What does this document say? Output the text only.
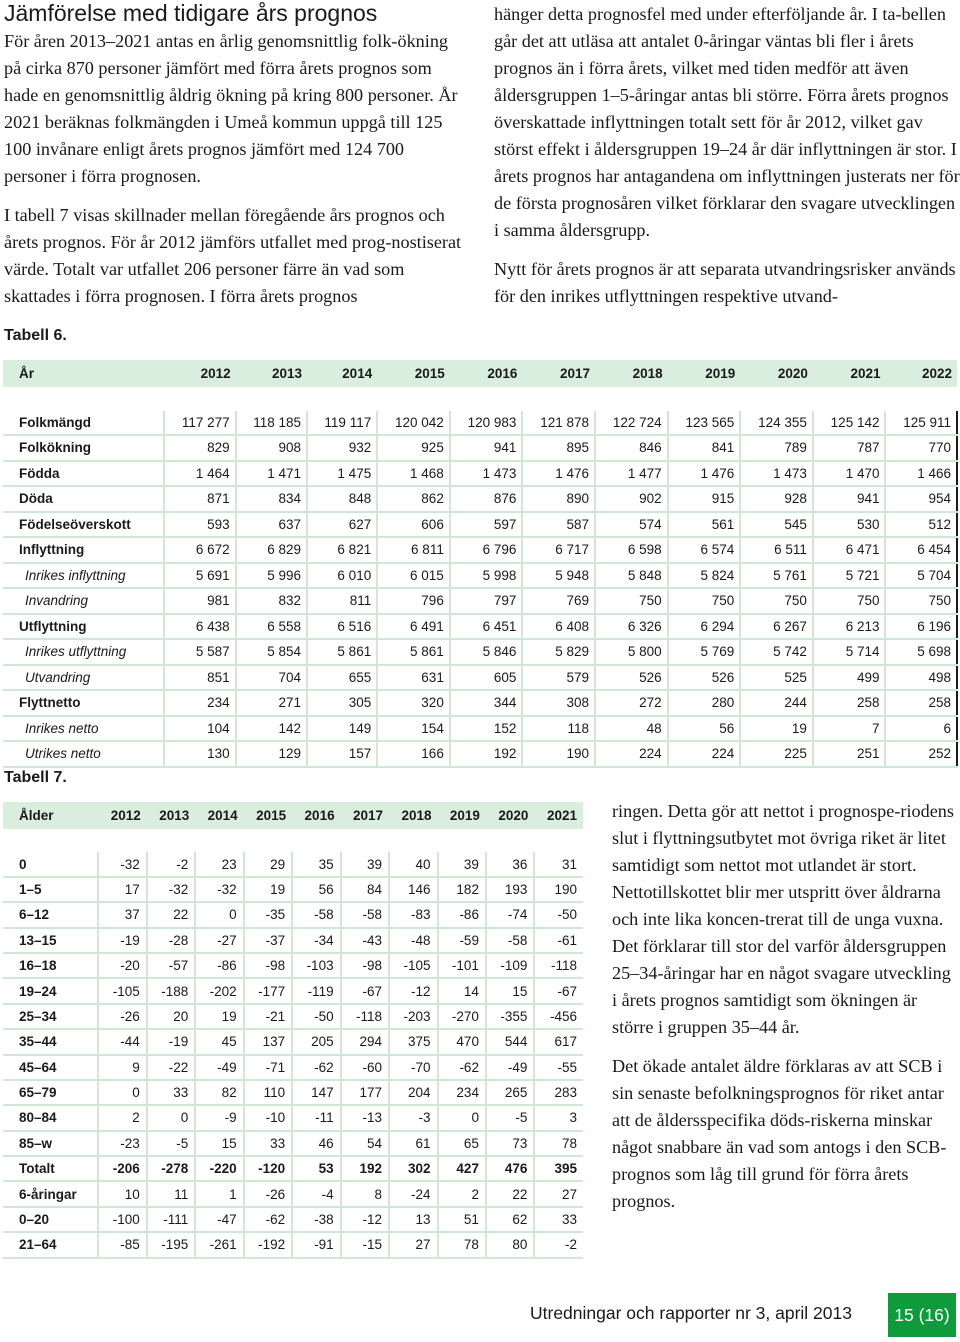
Jämförelse med tidigare års prognos

För åren 2013–2021 antas en årlig genomsnittlig folk-ökning på cirka 870 personer jämfört med förra årets prognos som hade en genomsnittlig åldrig ökning på kring 800 personer. År 2021 beräknas folkmängden i Umeå kommun uppgå till 125 100 invånare enligt årets prognos jämfört med 124 700 personer i förra prognosen.

I tabell 7 visas skillnader mellan föregående års prognos och årets prognos. För år 2012 jämförs utfallet med prog-nostiserat värde. Totalt var utfallet 206 personer färre än vad som skattades i förra prognosen. I förra årets prognos

hänger detta prognosfel med under efterföljande år. I ta-bellen går det att utläsa att antalet 0-åringar väntas bli fler i årets prognos än i förra årets, vilket med tiden medför att även åldersgruppen 1–5-åringar antas bli större. Förra årets prognos överskattade inflyttningen totalt sett för år 2012, vilket gav störst effekt i åldersgruppen 19–24 år där inflyttningen är stor. I årets prognos har antagandena om inflyttningen justerats ner för de första prognosåren vilket förklarar den svagare utvecklingen i samma åldersgrupp.

Nytt för årets prognos är att separata utvandringsrisker används för den inrikes utflyttningen respektive utvand-

Tabell 6.
År	2012	2013	2014	2015	2016	2017	2018	2019	2020	2021	2022

Folkmängd	117 277	118 185	119 117	120 042	120 983	121 878	122 724	123 565	124 355	125 142	125 911
Folkökning	829	908	932	925	941	895	846	841	789	787	770
Födda	1 464	1 471	1 475	1 468	1 473	1 476	1 477	1 476	1 473	1 470	1 466
Döda	871	834	848	862	876	890	902	915	928	941	954
Födelseöverskott	593	637	627	606	597	587	574	561	545	530	512
Inflyttning	6 672	6 829	6 821	6 811	6 796	6 717	6 598	6 574	6 511	6 471	6 454
Inrikes inflyttning	5 691	5 996	6 010	6 015	5 998	5 948	5 848	5 824	5 761	5 721	5 704
Invandring	981	832	811	796	797	769	750	750	750	750	750
Utflyttning	6 438	6 558	6 516	6 491	6 451	6 408	6 326	6 294	6 267	6 213	6 196
Inrikes utflyttning	5 587	5 854	5 861	5 861	5 846	5 829	5 800	5 769	5 742	5 714	5 698
Utvandring	851	704	655	631	605	579	526	526	525	499	498
Flyttnetto	234	271	305	320	344	308	272	280	244	258	258
Inrikes netto	104	142	149	154	152	118	48	56	19	7	6
Utrikes netto	130	129	157	166	192	190	224	224	225	251	252
Tabell 7.
Ålder	2012	2013	2014	2015	2016	2017	2018	2019	2020	2021

0	-32	-2	23	29	35	39	40	39	36	31
1–5	17	-32	-32	19	56	84	146	182	193	190
6–12	37	22	0	-35	-58	-58	-83	-86	-74	-50
13–15	-19	-28	-27	-37	-34	-43	-48	-59	-58	-61
16–18	-20	-57	-86	-98	-103	-98	-105	-101	-109	-118
19–24	-105	-188	-202	-177	-119	-67	-12	14	15	-67
25–34	-26	20	19	-21	-50	-118	-203	-270	-355	-456
35–44	-44	-19	45	137	205	294	375	470	544	617
45–64	9	-22	-49	-71	-62	-60	-70	-62	-49	-55
65–79	0	33	82	110	147	177	204	234	265	283
80–84	2	0	-9	-10	-11	-13	-3	0	-5	3
85–w	-23	-5	15	33	46	54	61	65	73	78
Totalt	-206	-278	-220	-120	53	192	302	427	476	395
6-åringar	10	11	1	-26	-4	8	-24	2	22	27
0–20	-100	-111	-47	-62	-38	-12	13	51	62	33
21–64	-85	-195	-261	-192	-91	-15	27	78	80	-2

ringen. Detta gör att nettot i prognospe-riodens slut i flyttningsutbytet mot övriga riket är litet samtidigt som nettot mot utlandet är stort. Nettotillskottet blir mer utspritt över åldrarna och inte lika koncen-trerat till de unga vuxna. Det förklarar till stor del varför åldersgruppen 25–34-åringar har en något svagare utveckling i årets prognos samtidigt som ökningen är större i gruppen 35–44 år.

Det ökade antalet äldre förklaras av att SCB i sin senaste befolkningsprognos för riket antar att de åldersspecifika döds-riskerna minskar något snabbare än vad som antogs i den SCB-prognos som låg till grund för förra årets prognos.

Utredningar och rapporter nr 3, april 2013	15 (16)
